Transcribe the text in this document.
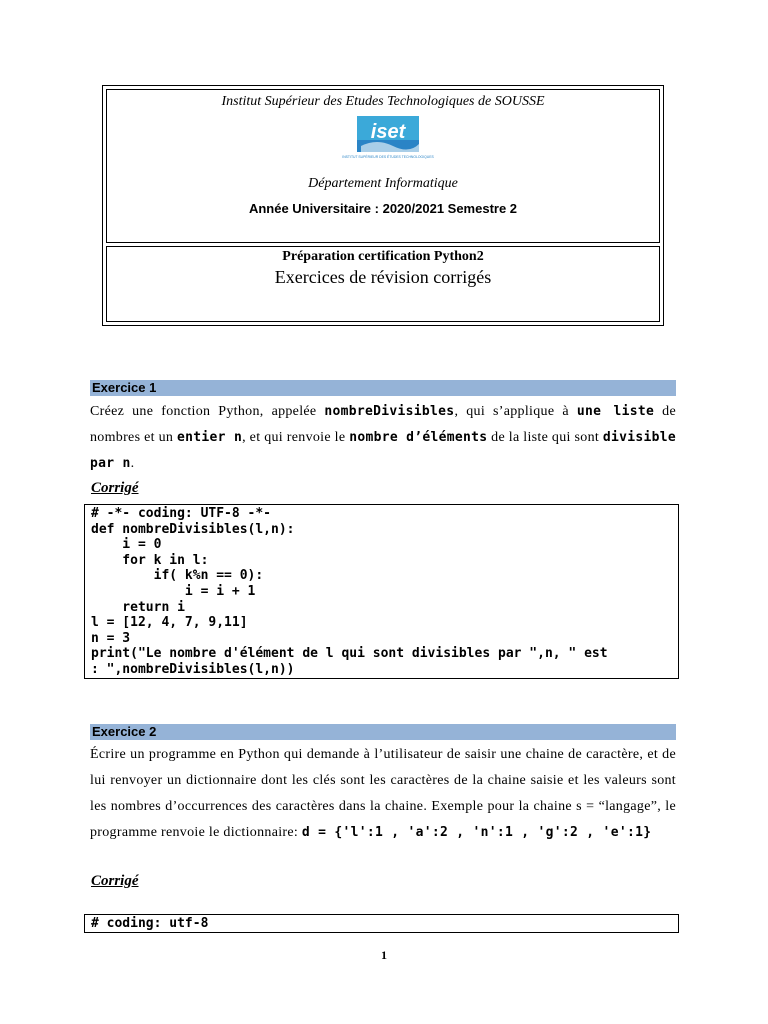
Institut Supérieur des Etudes Technologiques de SOUSSE
iset
INSTITUT SUPÉRIEUR DES ÉTUDES TECHNOLOGIQUES
Département Informatique
Année Universitaire : 2020/2021 Semestre 2
Préparation certification Python2
Exercices de révision corrigés
Exercice 1
Créez une fonction Python, appelée nombreDivisibles, qui s’applique à une liste de nombres et un entier n, et qui renvoie le nombre d’éléments de la liste qui sont divisible par n.
Corrigé
# -*- coding: UTF-8 -*-
def nombreDivisibles(l,n):
i = 0
for k in l:
if( k%n == 0):
i = i + 1
return i
l = [12, 4, 7, 9,11]
n = 3
print("Le nombre d'élément de l qui sont divisibles par ",n, " est
: ",nombreDivisibles(l,n))
Exercice 2
Écrire un programme en Python qui demande à l’utilisateur de saisir une chaine de caractère, et de lui renvoyer un dictionnaire dont les clés sont les caractères de la chaine saisie et les valeurs sont les nombres d’occurrences des caractères dans la chaine. Exemple pour la chaine s = “langage”, le programme renvoie le dictionnaire: d = {'l':1 , 'a':2 , 'n':1 , 'g':2 , 'e':1}
Corrigé
# coding: utf-8
1
